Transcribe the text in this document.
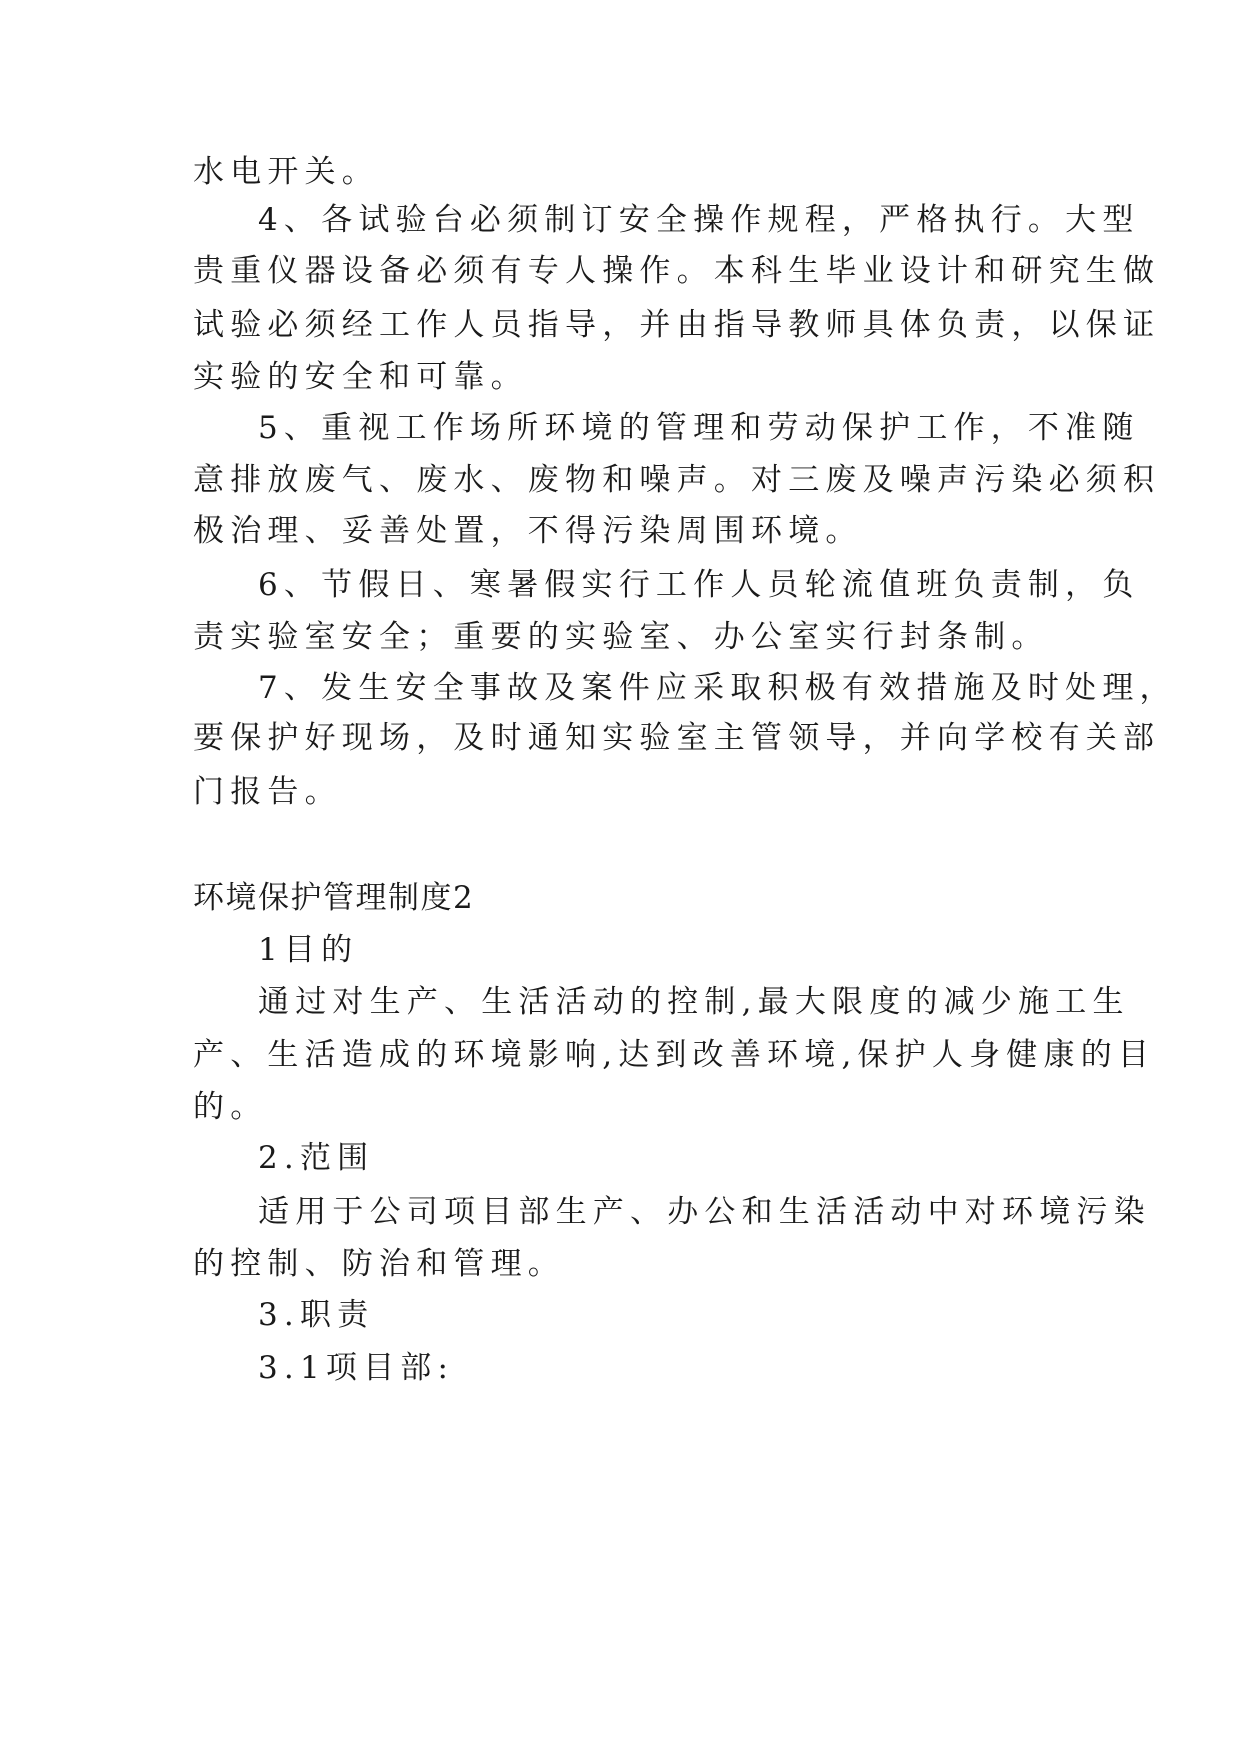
水电开关。
4、各试验台必须制订安全操作规程，严格执行。大型
贵重仪器设备必须有专人操作。本科生毕业设计和研究生做
试验必须经工作人员指导，并由指导教师具体负责，以保证
实验的安全和可靠。
5、重视工作场所环境的管理和劳动保护工作，不准随
意排放废气、废水、废物和噪声。对三废及噪声污染必须积
极治理、妥善处置，不得污染周围环境。
6、节假日、寒暑假实行工作人员轮流值班负责制，负
责实验室安全；重要的实验室、办公室实行封条制。
7、发生安全事故及案件应采取积极有效措施及时处理，
要保护好现场，及时通知实验室主管领导，并向学校有关部
门报告。
环境保护管理制度2
1目的
通过对生产、生活活动的控制,最大限度的减少施工生
产、生活造成的环境影响,达到改善环境,保护人身健康的目
的。
2.范围
适用于公司项目部生产、办公和生活活动中对环境污染
的控制、防治和管理。
3.职责
3.1项目部:
